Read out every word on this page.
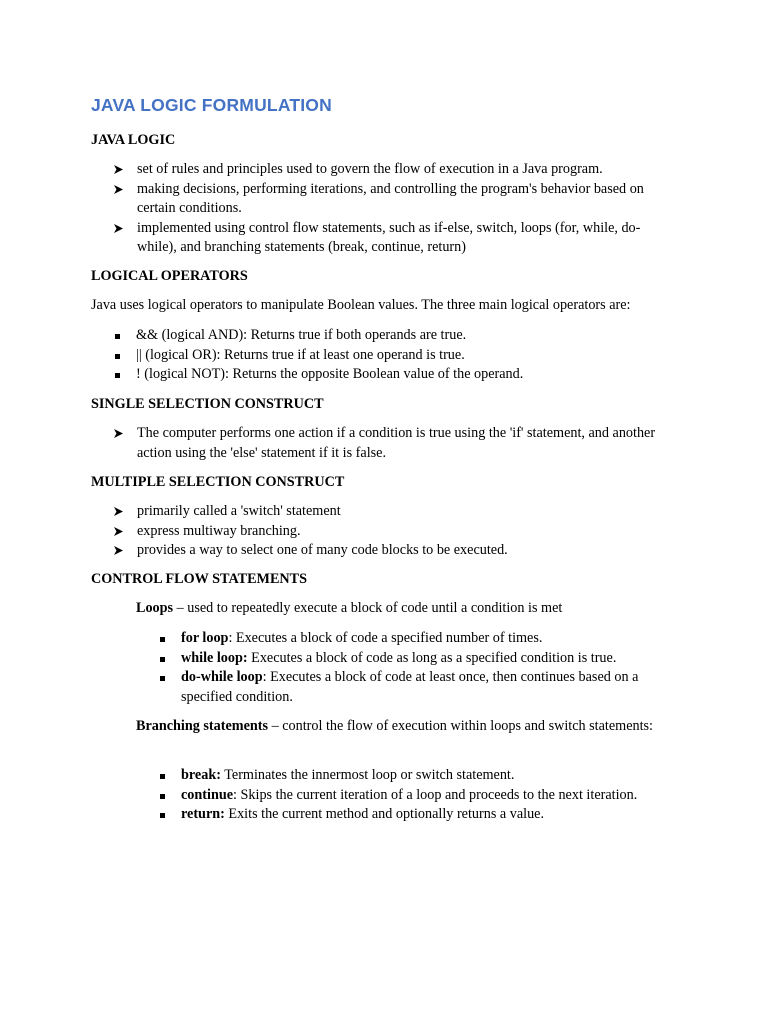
JAVA LOGIC FORMULATION
JAVA LOGIC
set of rules and principles used to govern the flow of execution in a Java program.
making decisions, performing iterations, and controlling the program's behavior based on certain conditions.
implemented using control flow statements, such as if-else, switch, loops (for, while, do-while), and branching statements (break, continue, return)
LOGICAL OPERATORS

Java uses logical operators to manipulate Boolean values. The three main logical operators are:

&& (logical AND): Returns true if both operands are true.
|| (logical OR): Returns true if at least one operand is true.
! (logical NOT): Returns the opposite Boolean value of the operand.
SINGLE SELECTION CONSTRUCT
The computer performs one action if a condition is true using the 'if' statement, and another action using the 'else' statement if it is false.
MULTIPLE SELECTION CONSTRUCT
primarily called a 'switch' statement
express multiway branching.
provides a way to select one of many code blocks to be executed.
CONTROL FLOW STATEMENTS

Loops – used to repeatedly execute a block of code until a condition is met

for loop: Executes a block of code a specified number of times.
while loop: Executes a block of code as long as a specified condition is true.
do-while loop: Executes a block of code at least once, then continues based on a specified condition.

Branching statements – control the flow of execution within loops and switch statements:

break: Terminates the innermost loop or switch statement.
continue: Skips the current iteration of a loop and proceeds to the next iteration.
return: Exits the current method and optionally returns a value.
